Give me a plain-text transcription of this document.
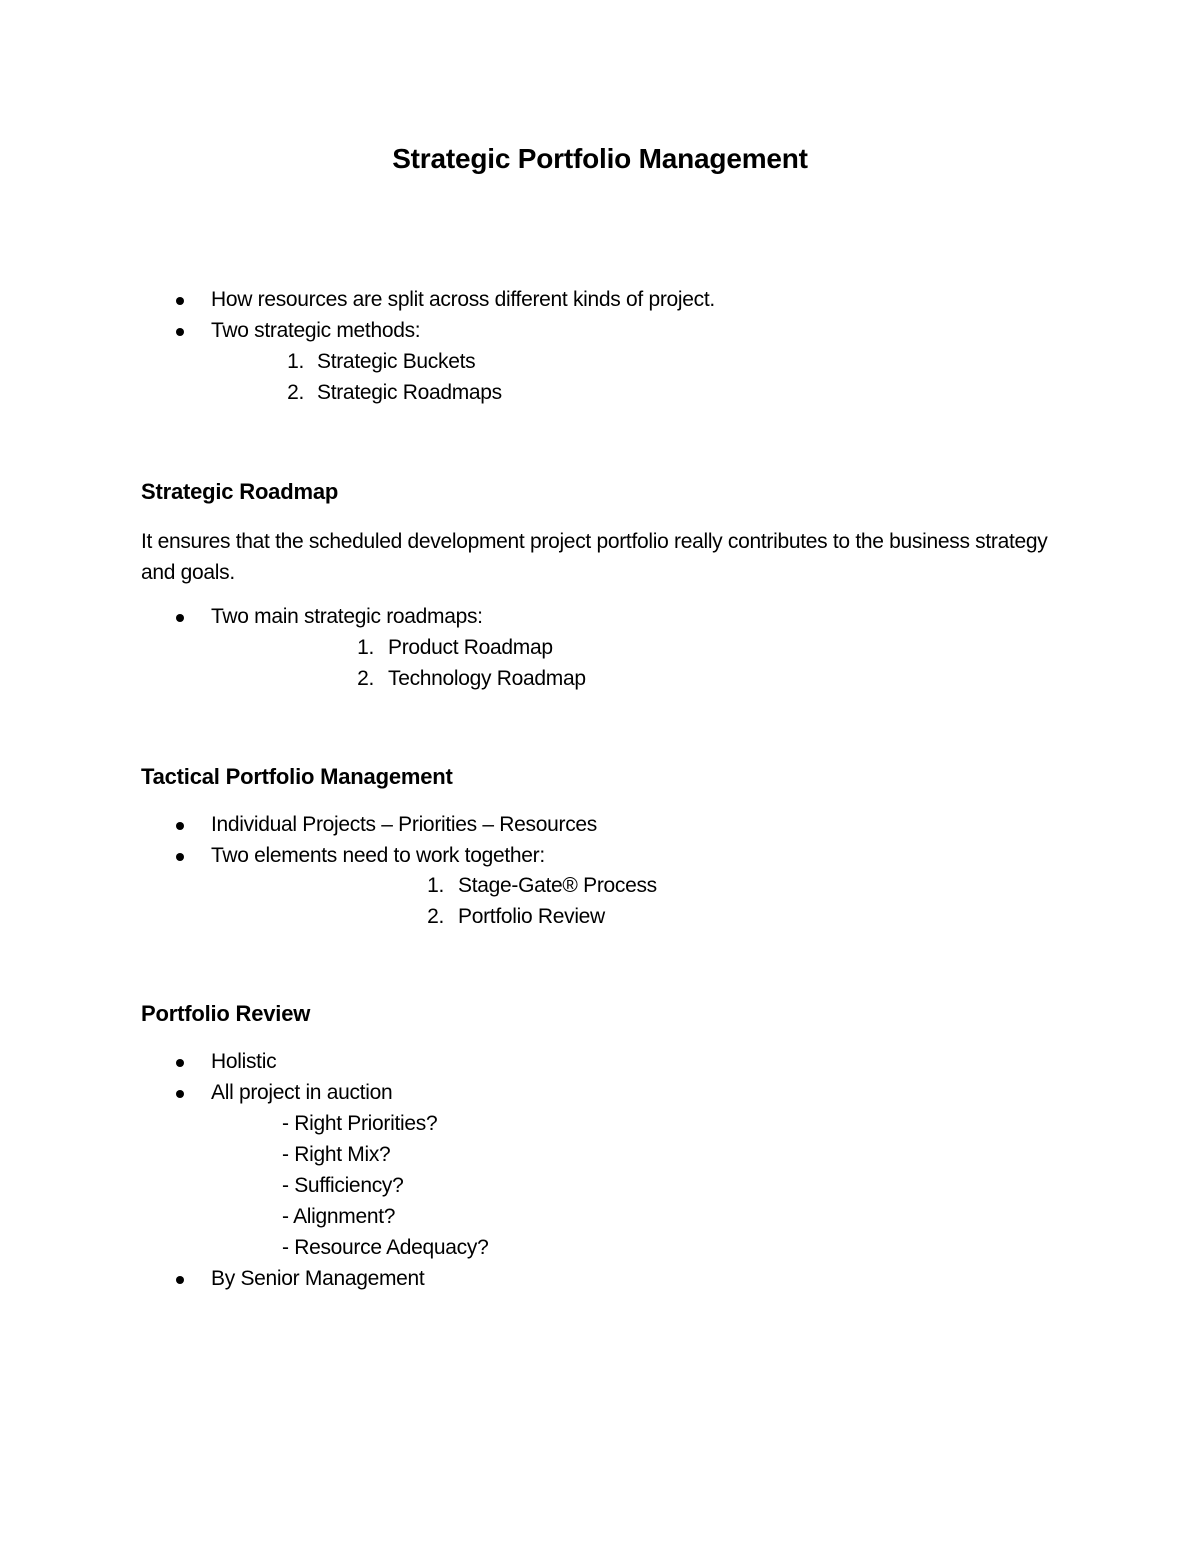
Strategic Portfolio Management
How resources are split across different kinds of project.
Two strategic methods:
1. Strategic Buckets
2. Strategic Roadmaps
Strategic Roadmap
It ensures that the scheduled development project portfolio really contributes to the business strategy and goals.
Two main strategic roadmaps:
1. Product Roadmap
2. Technology Roadmap
Tactical Portfolio Management
Individual Projects – Priorities – Resources
Two elements need to work together:
1. Stage-Gate® Process
2. Portfolio Review
Portfolio Review
Holistic
All project in auction
- Right Priorities?
- Right Mix?
- Sufficiency?
- Alignment?
- Resource Adequacy?
By Senior Management
